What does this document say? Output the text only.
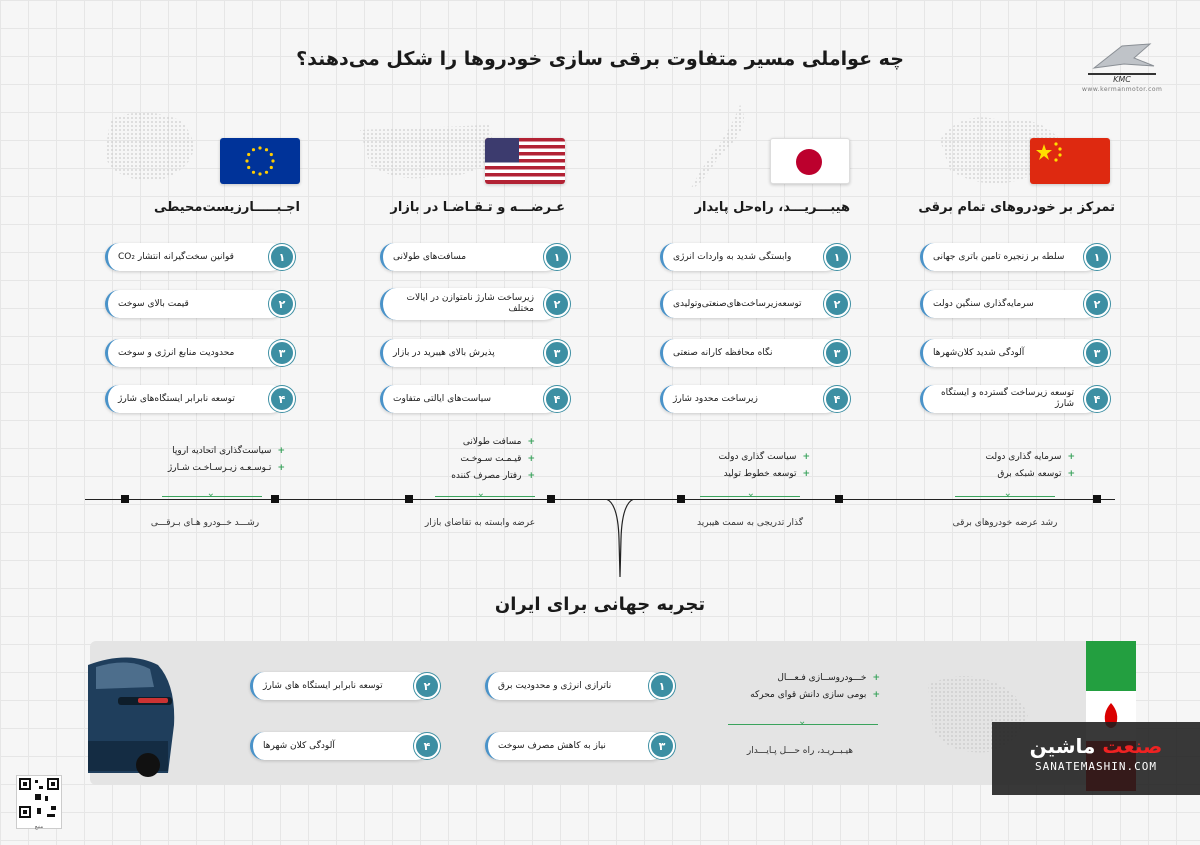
چه عواملی مسیر متفاوت برقی سازی خودروها را شکل می‌دهند؟
KMC
www.kermanmotor.com
تمرکز بر خودروهای تمام برقی
سلطه بر زنجیره تامین باتری جهانی	۱
سرمایه‌گذاری سنگین دولت	۲
آلودگی شدید کلان‌شهرها	۳
توسعه زیرساخت گسترده و ایستگاه شارژ	۴
+سرمایه گذاری دولت
+توسعه شبکه برق
⌄
رشد عرضه خودروهای برقی
هیبـــریـــد، راه‌حل پایدار
وابستگی شدید به واردات انرژی	۱
توسعه‌زیرساخت‌های‌صنعتی‌وتولیدی	۲
نگاه محافظه کارانه صنعتی	۳
زیرساخت محدود شارژ	۴
+سیاست گذاری دولت
+توسعه خطوط تولید
⌄
گذار تدریجی به سمت هیبرید
عـرضـــه و تـقـاضـا در بازار
مسافت‌های طولانی	۱
زیرساخت شارژ نامتوازن در ایالات مختلف	۲
پذیرش بالای هیبرید در بازار	۳
سیاست‌های ایالتی متفاوت	۴
+مسافت طولانی
+قیـمـت سـوخـت
+رفتار مصرف کننده
⌄
عرضه وابسته به تقاضای بازار
اجـبـــــارزیست‌محیطی
قوانین سخت‌گیرانه انتشار CO₂	۱
قیمت بالای سوخت	۲
محدودیت منابع انرژی و سوخت	۳
توسعه نابرابر ایستگاه‌های شارژ	۴
+سیاست‌گذاری اتحادیه اروپا
+تـوسـعـه زیـرسـاخـت شـارژ
⌄
رشـــد خــودرو هـای بـرقـــی
تجربه جهانی برای ایران
توسعه نابرابر ایستگاه های شارژ	۲
آلودگی کلان شهرها	۴
ناترازی انرژی و محدودیت برق	۱
نیاز به کاهش مصرف سوخت	۳
+خـــودروســازی فـعـــال
+بومی سازی دانش قوای محرکه
⌄
هیـبــریـد، راه حـــل پـایـــدار
منبع
صنعت ماشین
SANATEMASHIN.COM
